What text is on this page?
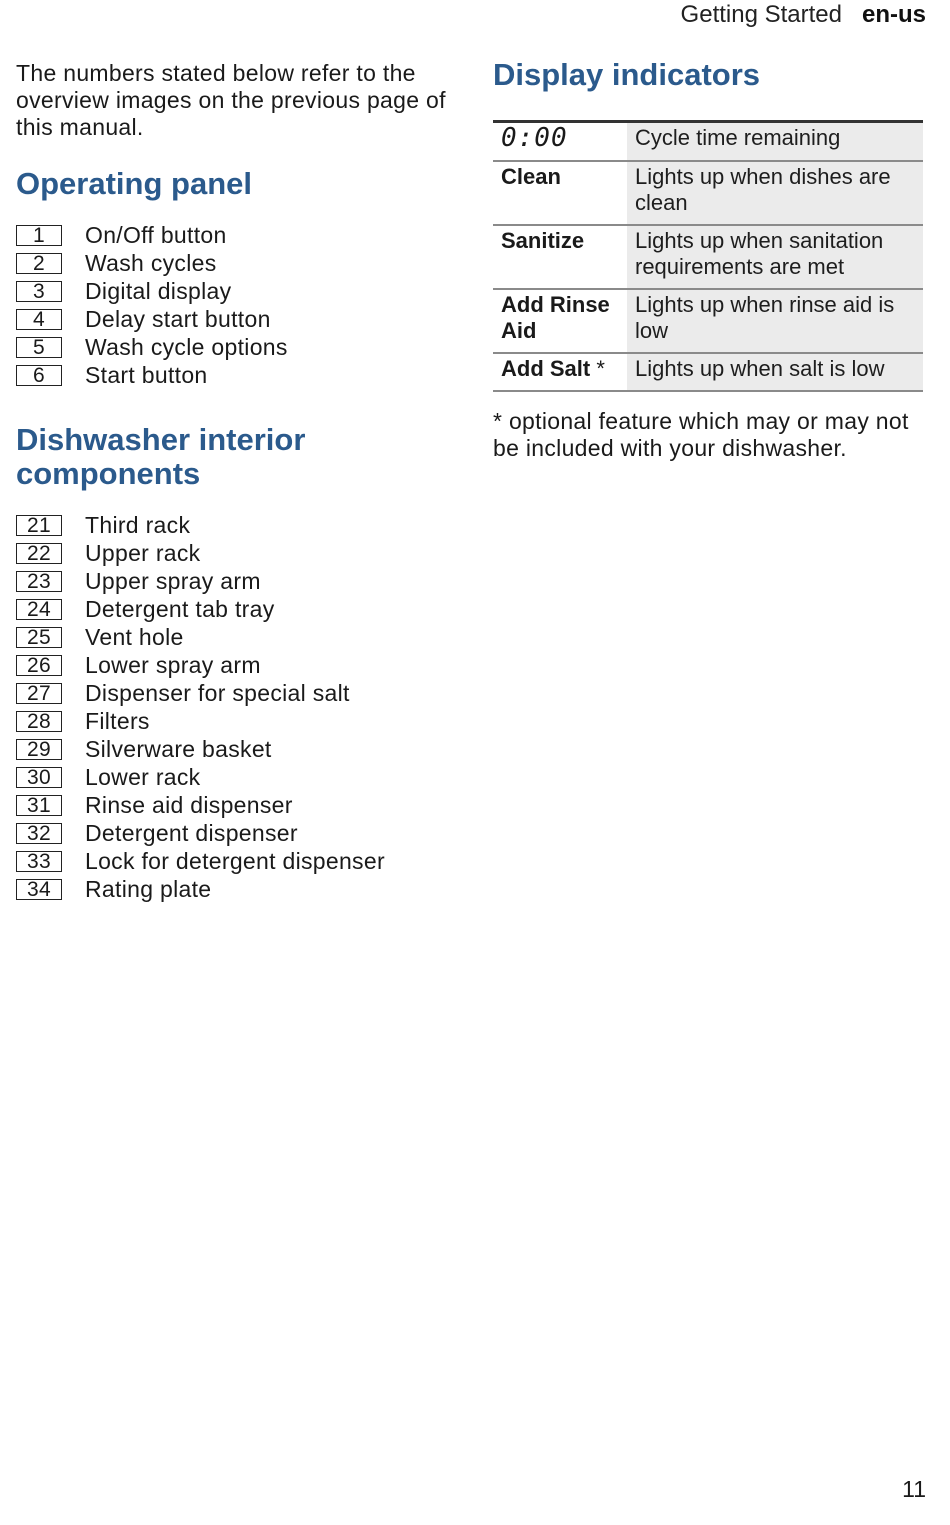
Getting Started en-us

The numbers stated below refer to the overview images on the previous page of this manual.

Operating panel
1	On/Off button
2	Wash cycles
3	Digital display
4	Delay start button
5	Wash cycle options
6	Start button
Dishwasher interior components
21	Third rack
22	Upper rack
23	Upper spray arm
24	Detergent tab tray
25	Vent hole
26	Lower spray arm
27	Dispenser for special salt
28	Filters
29	Silverware basket
30	Lower rack
31	Rinse aid dispenser
32	Detergent dispenser
33	Lock for detergent dispenser
34	Rating plate
Display indicators
0:00	Cycle time remaining
Clean	Lights up when dishes are clean
Sanitize	Lights up when sanitation requirements are met
Add Rinse Aid	Lights up when rinse aid is low
Add Salt *	Lights up when salt is low
* optional feature which may or may not be included with your dishwasher.
11
